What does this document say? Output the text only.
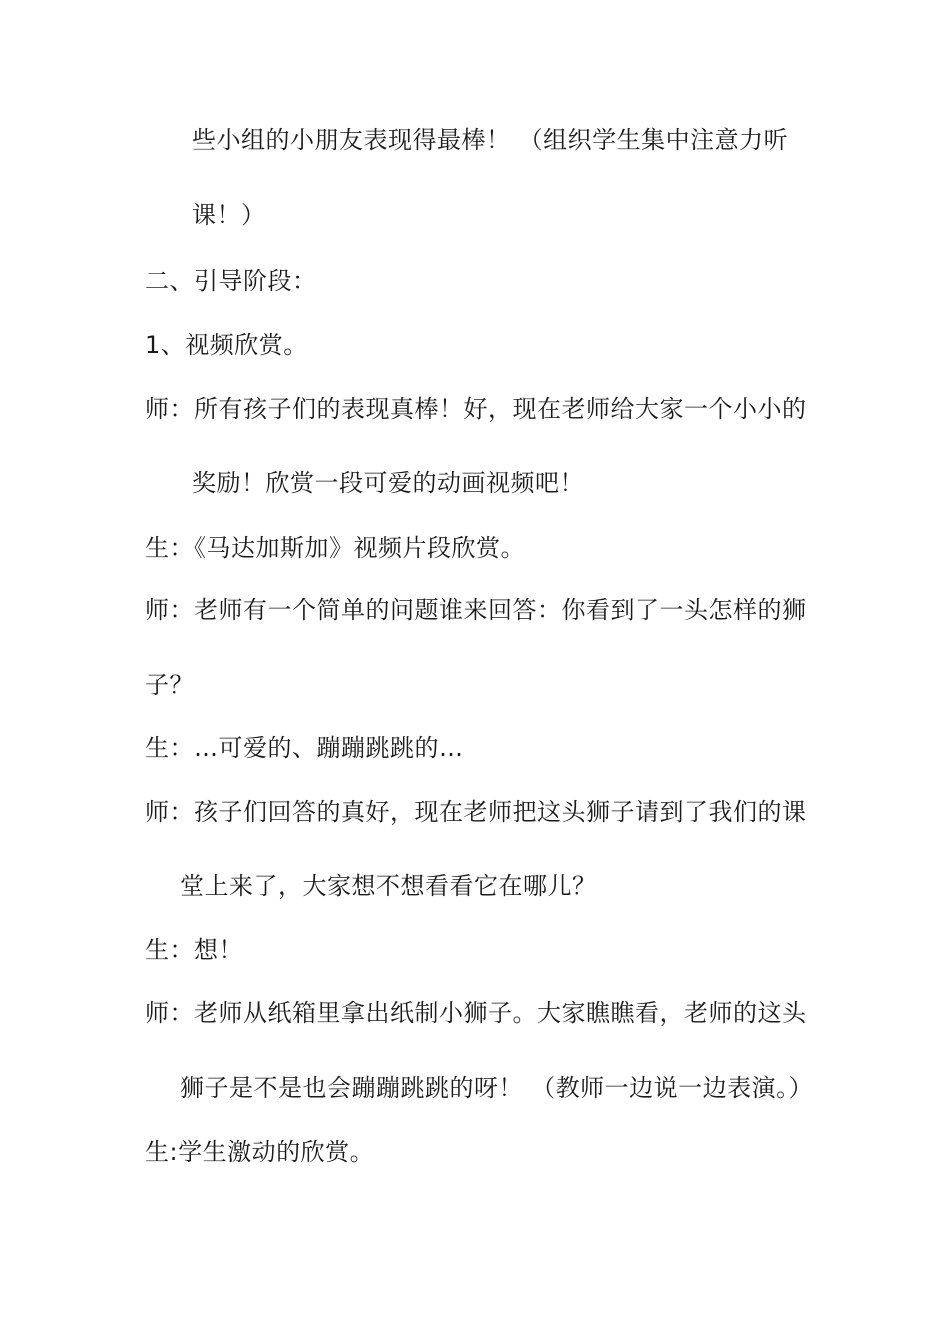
些小组的小朋友表现得最棒！ （组织学生集中注意力听
课！）
二、引导阶段：
1、视频欣赏。
师：所有孩子们的表现真棒！好，现在老师给大家一个小小的
奖励！欣赏一段可爱的动画视频吧！
生：《马达加斯加》视频片段欣赏。
师：老师有一个简单的问题谁来回答：你看到了一头怎样的狮
子？
生：…可爱的、蹦蹦跳跳的…
师：孩子们回答的真好，现在老师把这头狮子请到了我们的课
堂上来了，大家想不想看看它在哪儿？
生：想！
师：老师从纸箱里拿出纸制小狮子。大家瞧瞧看，老师的这头
狮子是不是也会蹦蹦跳跳的呀！ （教师一边说一边表演。）
生:学生激动的欣赏。
